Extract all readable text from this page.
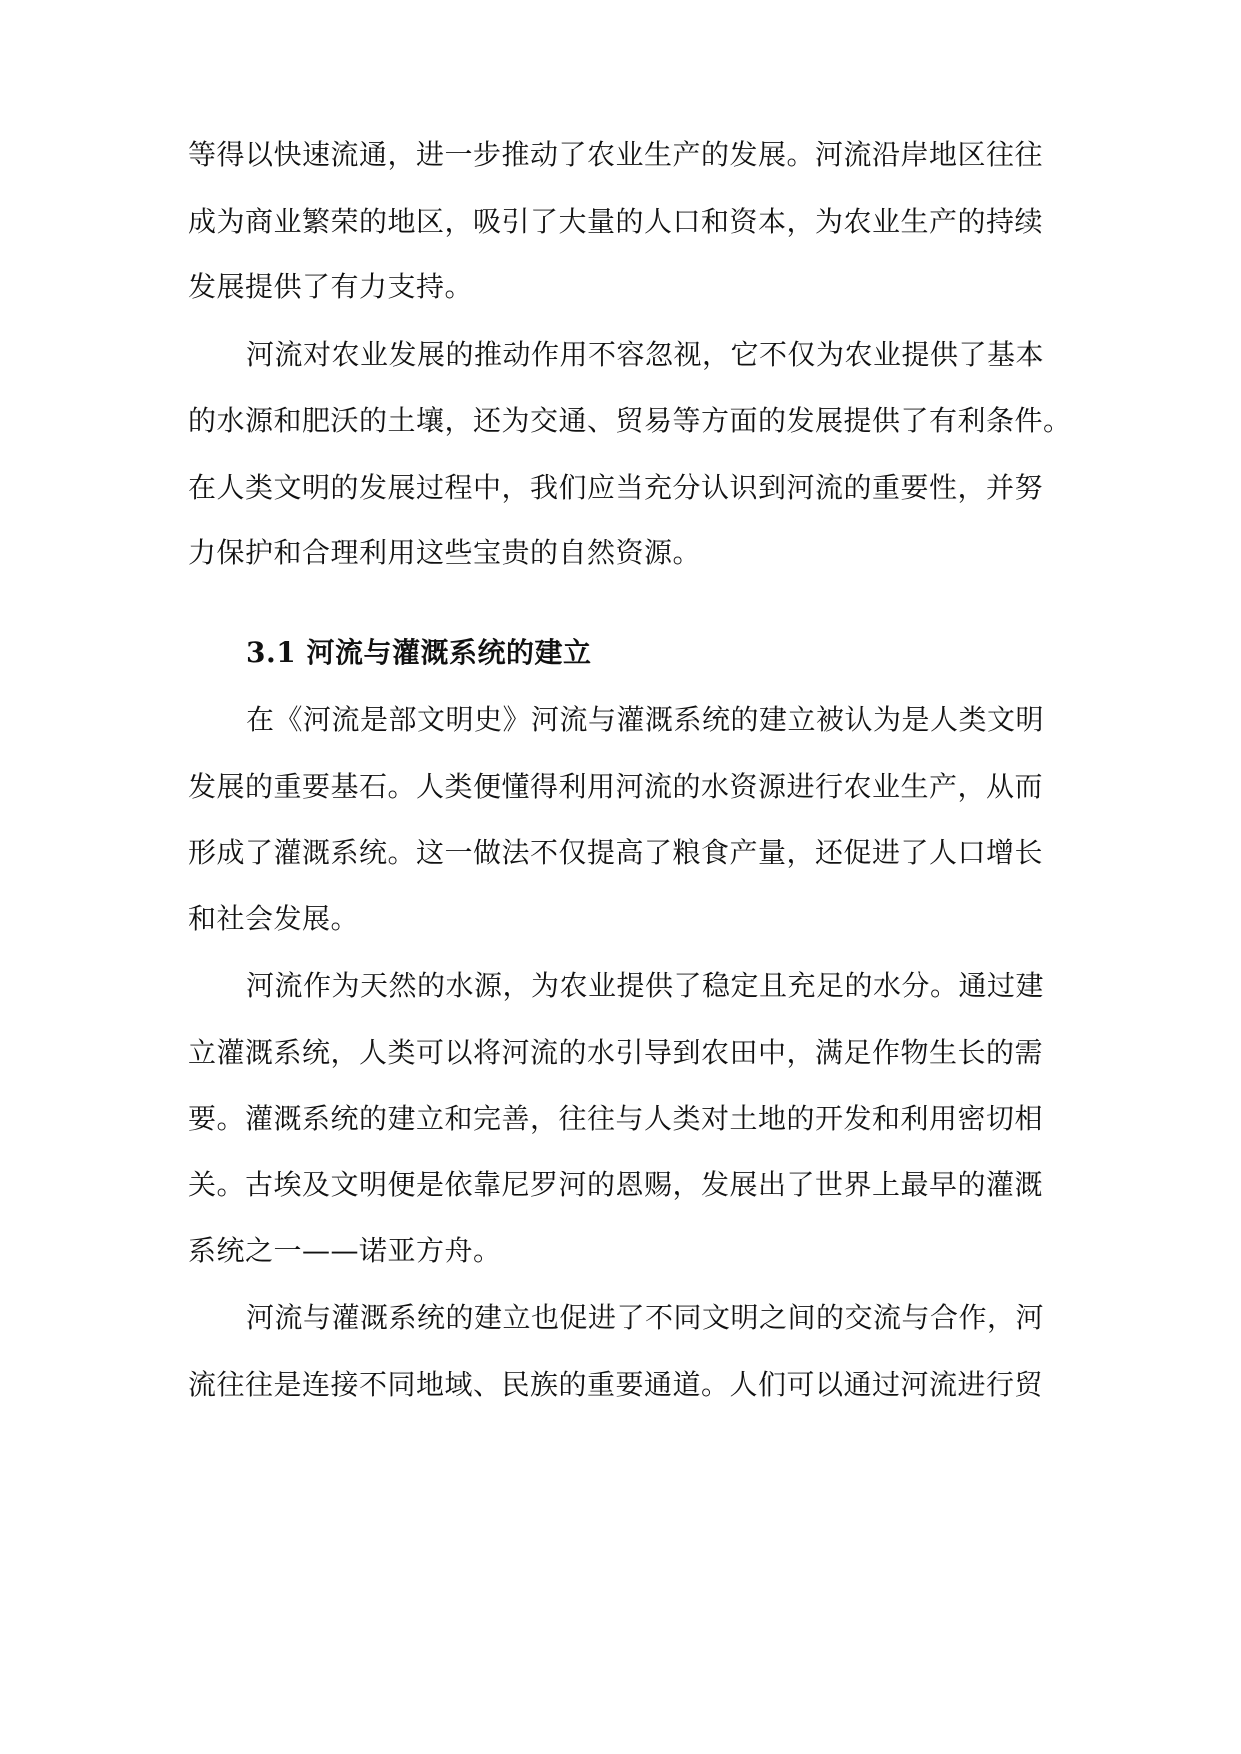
等得以快速流通，进一步推动了农业生产的发展。河流沿岸地区往往
成为商业繁荣的地区，吸引了大量的人口和资本，为农业生产的持续
发展提供了有力支持。
河流对农业发展的推动作用不容忽视，它不仅为农业提供了基本
的水源和肥沃的土壤，还为交通、贸易等方面的发展提供了有利条件。
在人类文明的发展过程中，我们应当充分认识到河流的重要性，并努
力保护和合理利用这些宝贵的自然资源。
3.1 河流与灌溉系统的建立
在《河流是部文明史》河流与灌溉系统的建立被认为是人类文明
发展的重要基石。人类便懂得利用河流的水资源进行农业生产，从而
形成了灌溉系统。这一做法不仅提高了粮食产量，还促进了人口增长
和社会发展。
河流作为天然的水源，为农业提供了稳定且充足的水分。通过建
立灌溉系统，人类可以将河流的水引导到农田中，满足作物生长的需
要。灌溉系统的建立和完善，往往与人类对土地的开发和利用密切相
关。古埃及文明便是依靠尼罗河的恩赐，发展出了世界上最早的灌溉
系统之一——诺亚方舟。
河流与灌溉系统的建立也促进了不同文明之间的交流与合作，河
流往往是连接不同地域、民族的重要通道。人们可以通过河流进行贸
